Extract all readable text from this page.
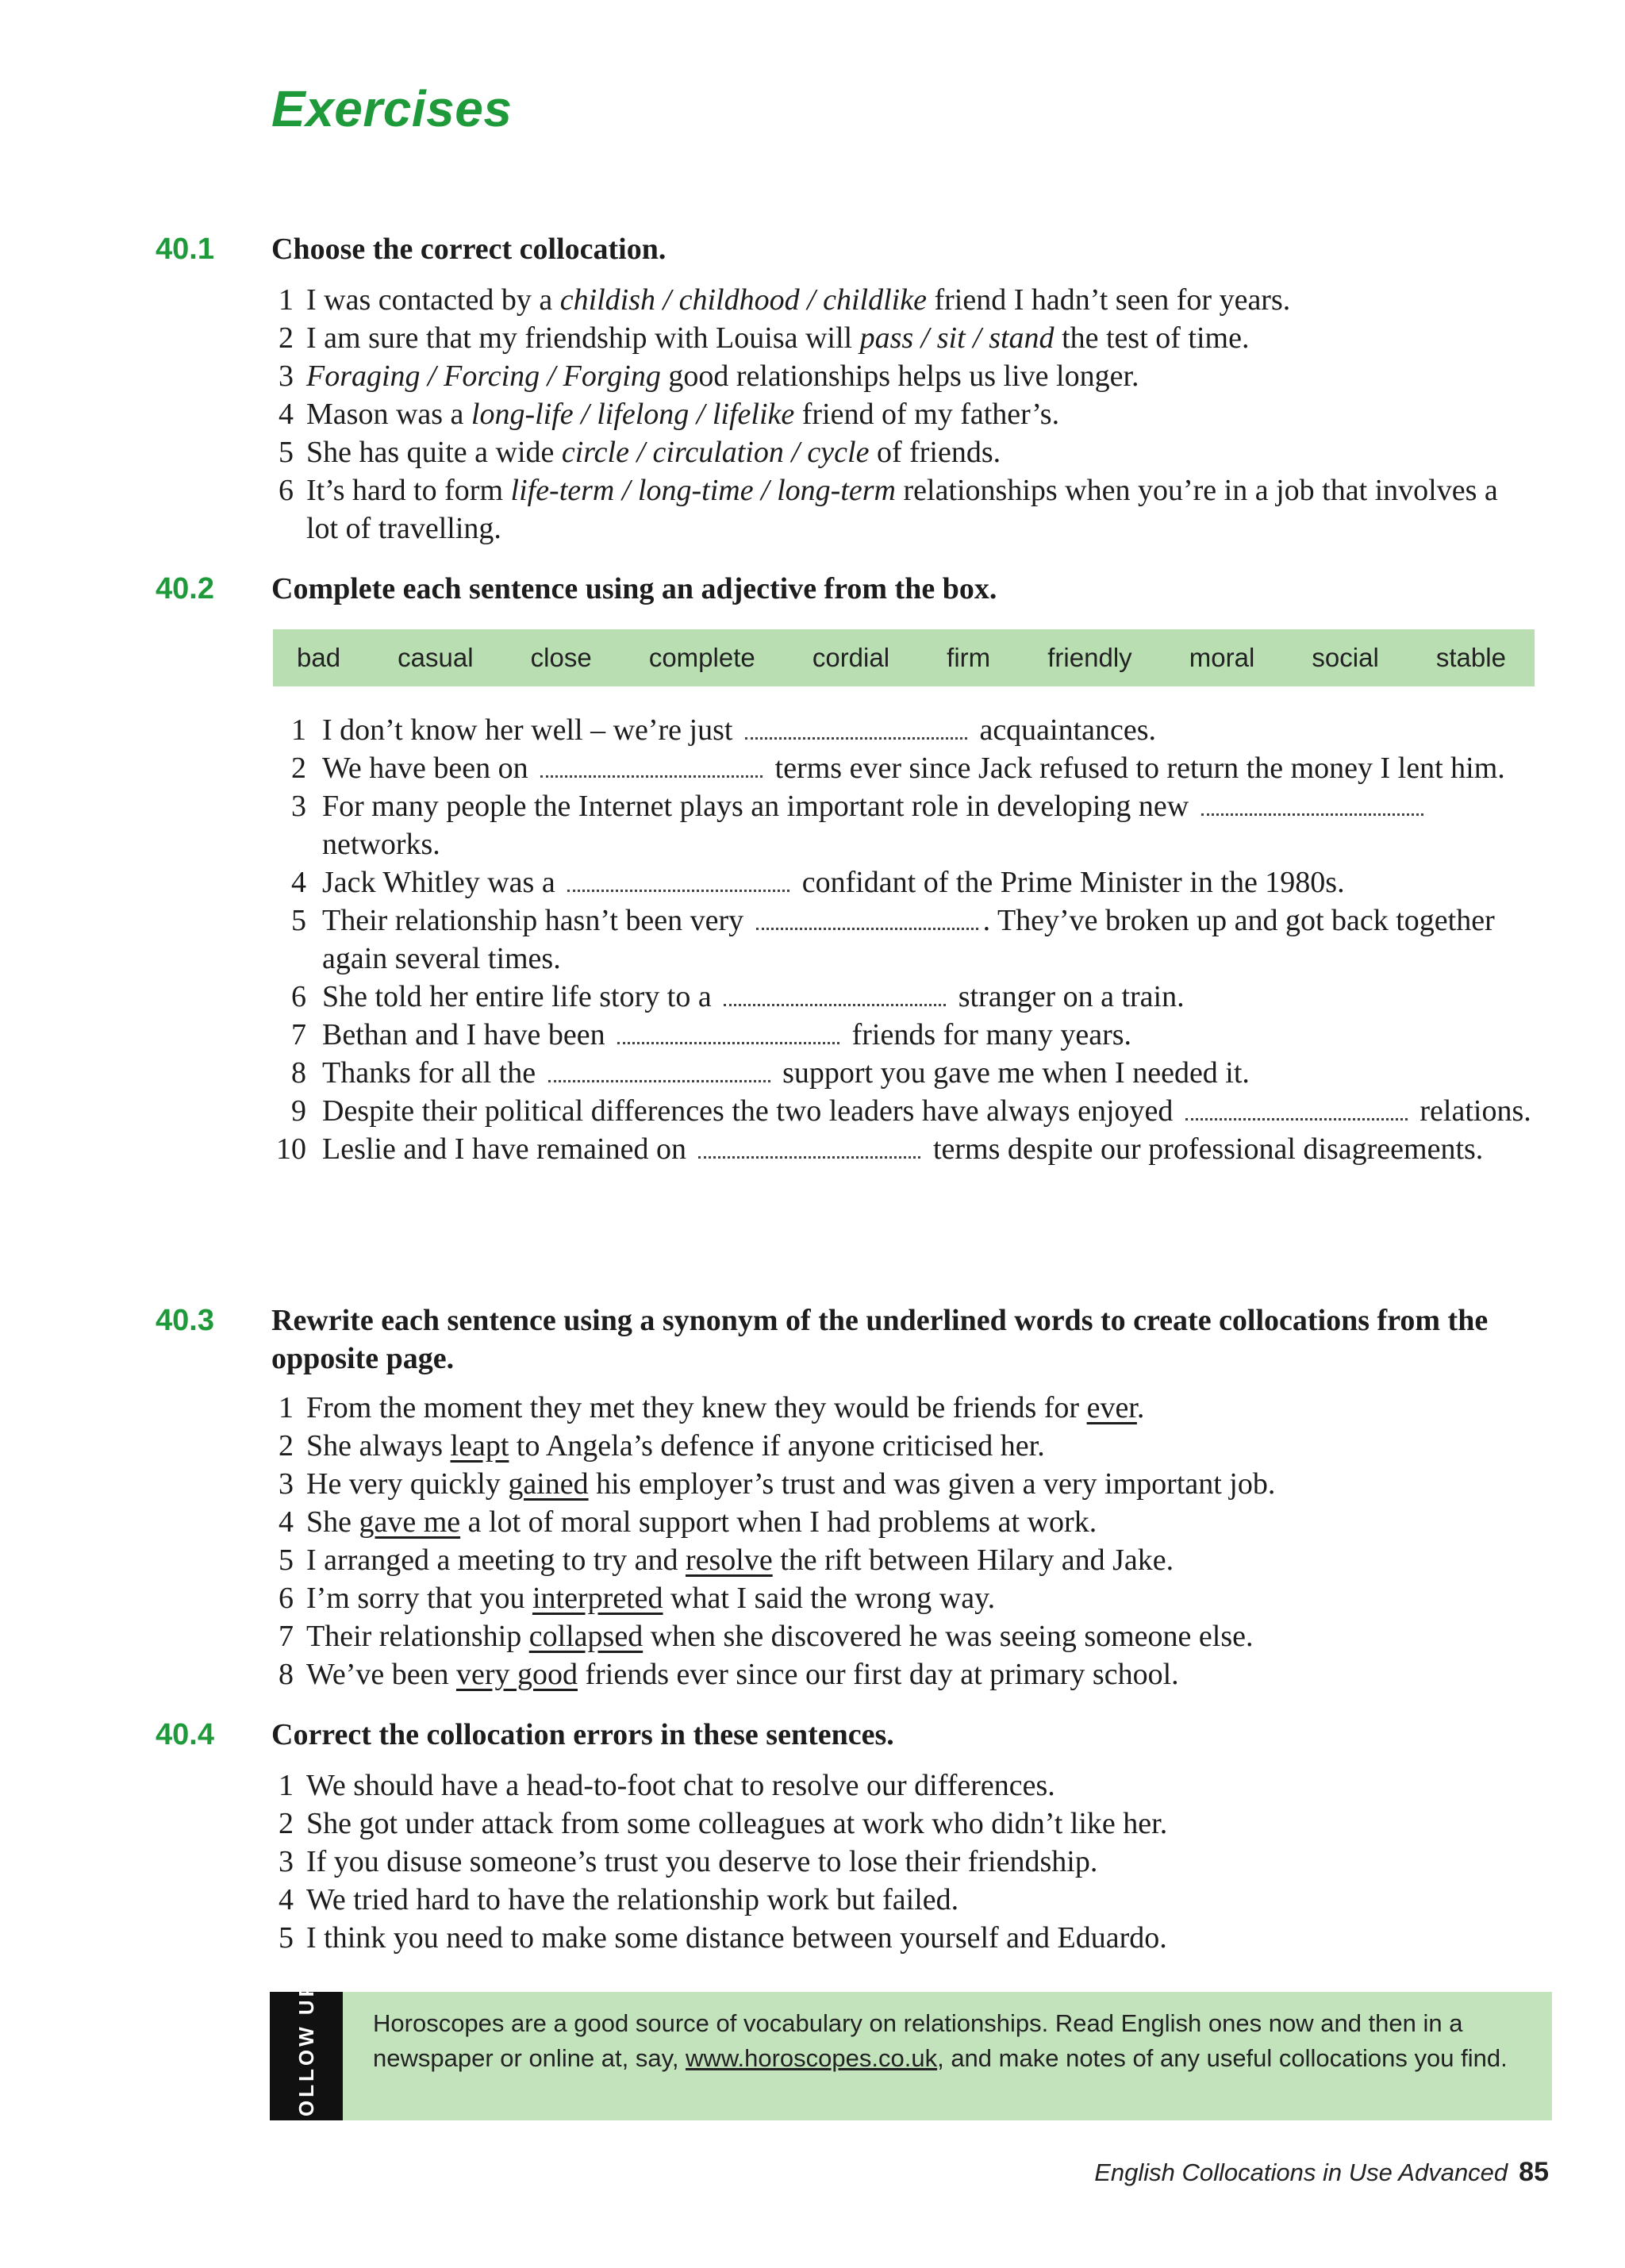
Exercises
40.1 Choose the correct collocation.

1 I was contacted by a childish / childhood / childlike friend I hadn’t seen for years.
2 I am sure that my friendship with Louisa will pass / sit / stand the test of time.
3 Foraging / Forcing / Forging good relationships helps us live longer.
4 Mason was a long-life / lifelong / lifelike friend of my father’s.
5 She has quite a wide circle / circulation / cycle of friends.
6 It’s hard to form life-term / long-time / long-term relationships when you’re in a job that involves a lot of travelling.
40.2 Complete each sentence using an adjective from the box.

bad casual close complete cordial firm friendly moral social stable
1 I don’t know her well – we’re just	acquaintances.
2 We have been on	terms ever since Jack refused to return the money I lent him.
3 For many people the Internet plays an important role in developing new  networks.
4 Jack Whitley was a	confidant of the Prime Minister in the 1980s.
5 Their relationship hasn’t been very	. They’ve broken up and got back together again several times.
6 She told her entire life story to a	stranger on a train.
7 Bethan and I have been	friends for many years.
8 Thanks for all the	support you gave me when I needed it.
9 Despite their political differences the two leaders have always enjoyed	relations.
10 Leslie and I have remained on	terms despite our professional disagreements.
40.3 Rewrite each sentence using a synonym of the underlined words to create collocations from the opposite page.

1 From the moment they met they knew they would be friends for ever.
2 She always leapt to Angela’s defence if anyone criticised her.
3 He very quickly gained his employer’s trust and was given a very important job.
4 She gave me a lot of moral support when I had problems at work.
5 I arranged a meeting to try and resolve the rift between Hilary and Jake.
6 I’m sorry that you interpreted what I said the wrong way.
7 Their relationship collapsed when she discovered he was seeing someone else.
8 We’ve been very good friends ever since our first day at primary school.
40.4 Correct the collocation errors in these sentences.

1 We should have a head-to-foot chat to resolve our differences.
2 She got under attack from some colleagues at work who didn’t like her.
3 If you disuse someone’s trust you deserve to lose their friendship.
4 We tried hard to have the relationship work but failed.
5 I think you need to make some distance between yourself and Eduardo.
FOLLOW UP	Horoscopes are a good source of vocabulary on relationships. Read English ones now and then in a newspaper or online at, say, www.horoscopes.co.uk, and make notes of any useful collocations you find.
English Collocations in Use Advanced 85
